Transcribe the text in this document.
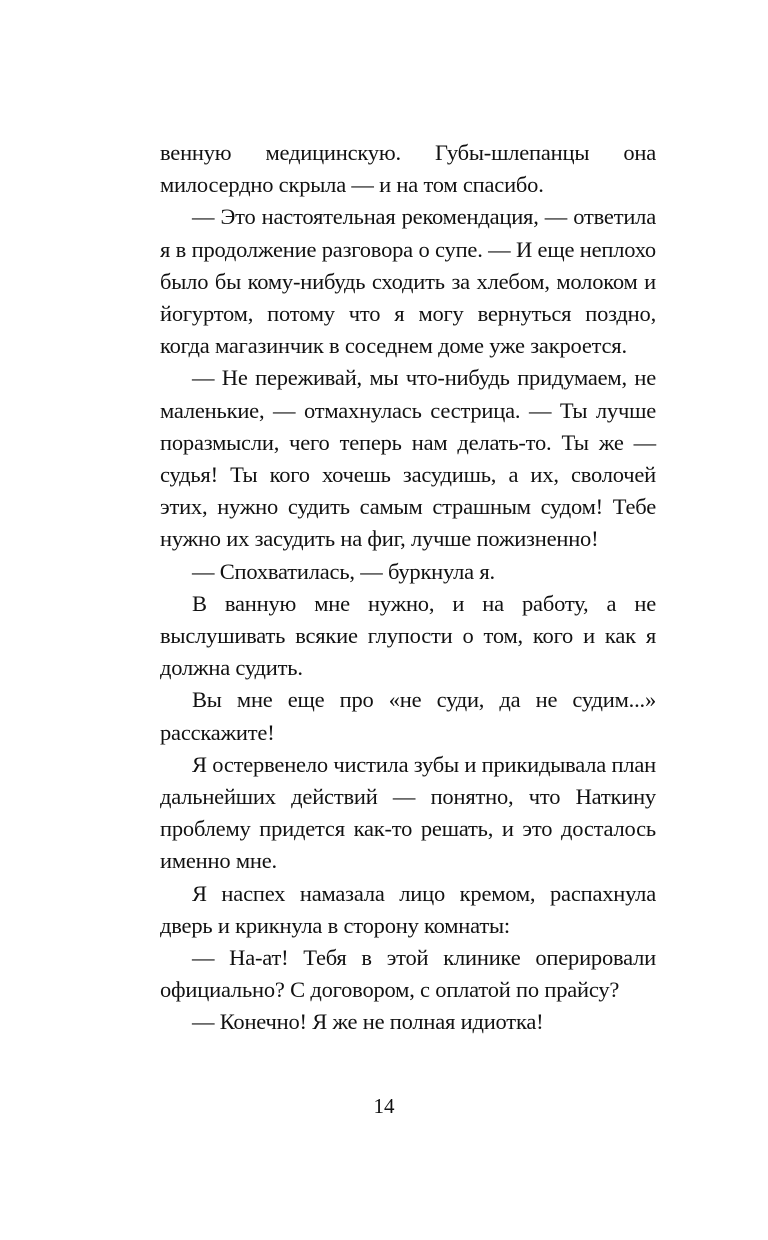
венную медицинскую. Губы-шлепанцы она милосердно скрыла — и на том спасибо.

— Это настоятельная рекомендация, — ответила я в продолжение разговора о супе. — И еще неплохо было бы кому-нибудь сходить за хлебом, молоком и йогуртом, потому что я могу вернуться поздно, когда магазинчик в соседнем доме уже закроется.

— Не переживай, мы что-нибудь придумаем, не маленькие, — отмахнулась сестрица. — Ты лучше поразмысли, чего теперь нам делать-то. Ты же — судья! Ты кого хочешь засудишь, а их, сволочей этих, нужно судить самым страшным судом! Тебе нужно их засудить на фиг, лучше пожизненно!

— Спохватилась, — буркнула я.

В ванную мне нужно, и на работу, а не выслушивать всякие глупости о том, кого и как я должна судить.

Вы мне еще про «не суди, да не судим...» расскажите!

Я остервенело чистила зубы и прикидывала план дальнейших действий — понятно, что Наткину проблему придется как-то решать, и это досталось именно мне.

Я наспех намазала лицо кремом, распахнула дверь и крикнула в сторону комнаты:

— На-ат! Тебя в этой клинике оперировали официально? С договором, с оплатой по прайсу?

— Конечно! Я же не полная идиотка!

14
